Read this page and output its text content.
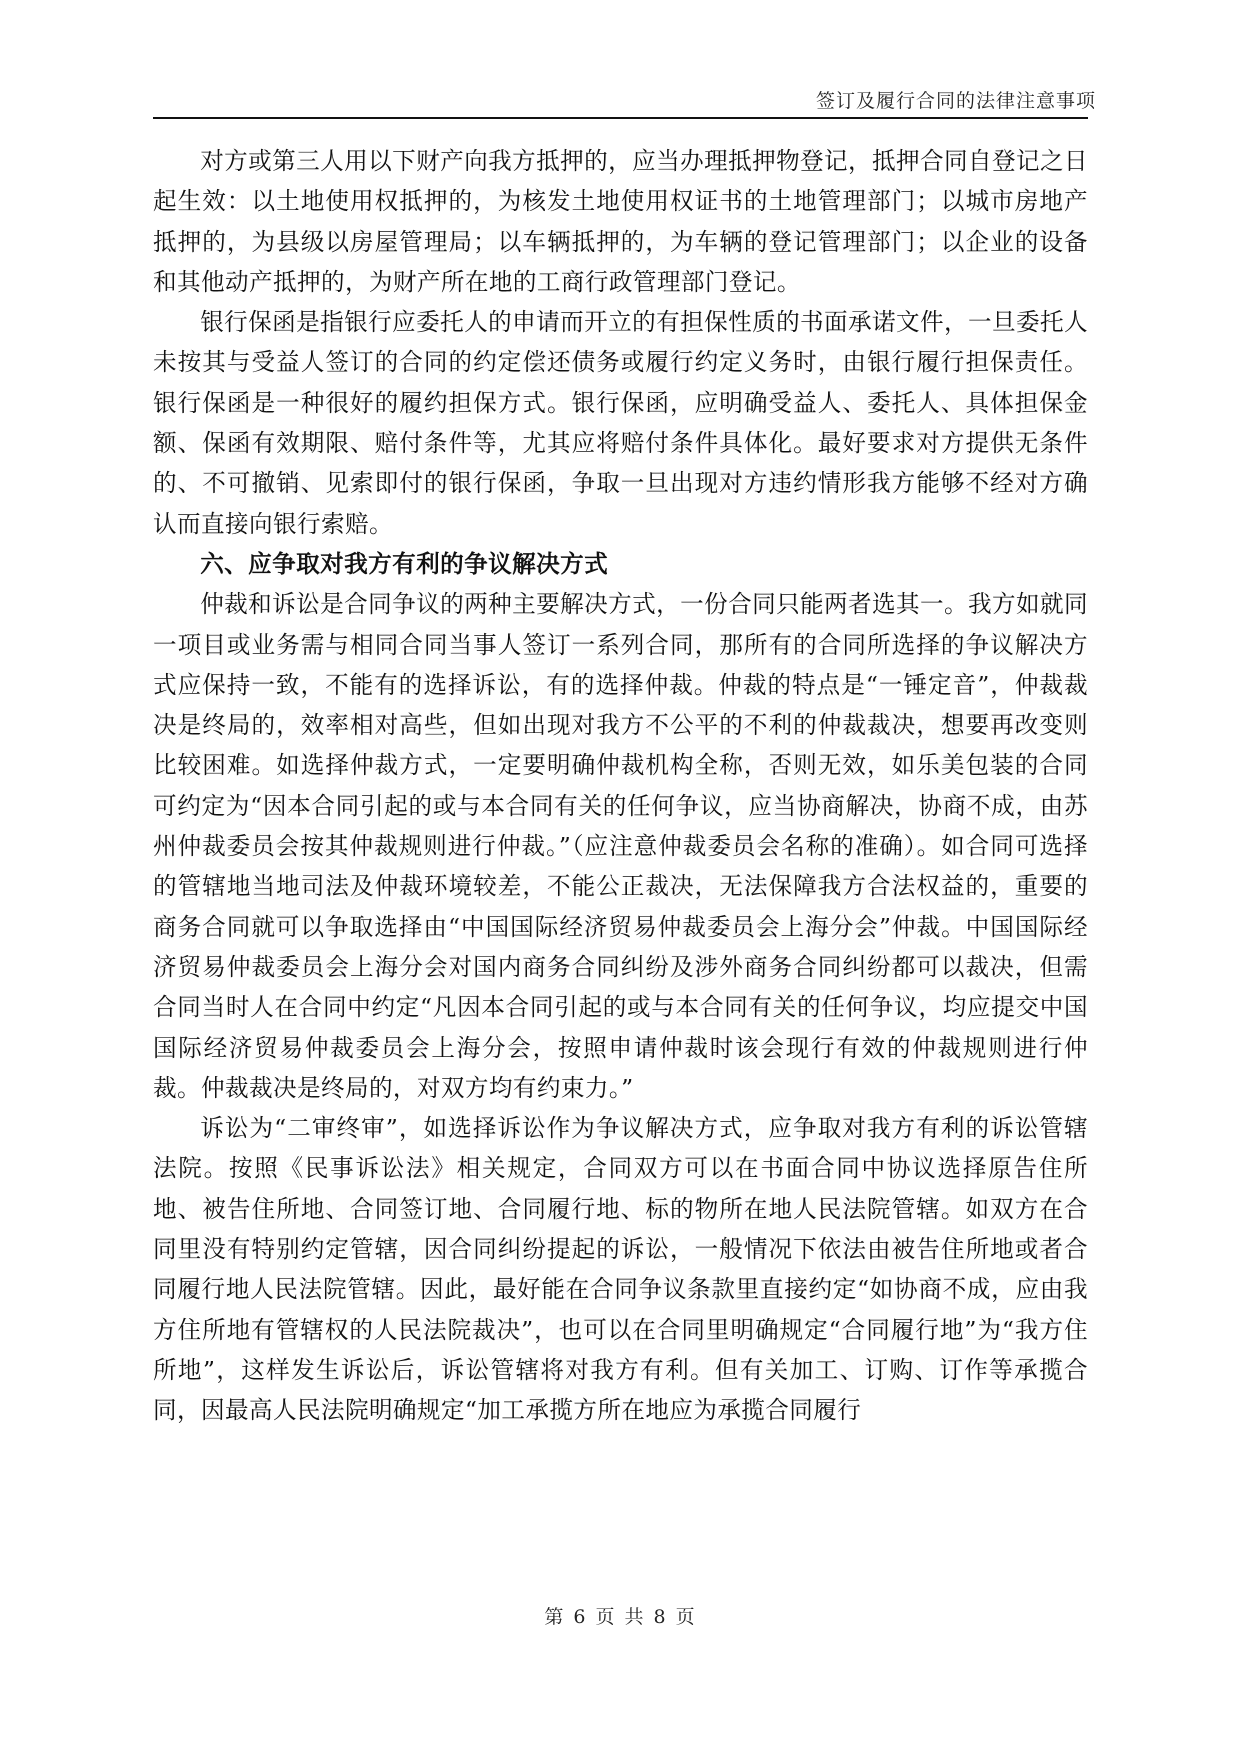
签订及履行合同的法律注意事项

对方或第三人用以下财产向我方抵押的，应当办理抵押物登记，抵押合同自登记之日起生效：以土地使用权抵押的，为核发土地使用权证书的土地管理部门；以城市房地产抵押的，为县级以房屋管理局；以车辆抵押的，为车辆的登记管理部门；以企业的设备和其他动产抵押的，为财产所在地的工商行政管理部门登记。

银行保函是指银行应委托人的申请而开立的有担保性质的书面承诺文件，一旦委托人未按其与受益人签订的合同的约定偿还债务或履行约定义务时，由银行履行担保责任。银行保函是一种很好的履约担保方式。银行保函，应明确受益人、委托人、具体担保金额、保函有效期限、赔付条件等，尤其应将赔付条件具体化。最好要求对方提供无条件的、不可撤销、见索即付的银行保函，争取一旦出现对方违约情形我方能够不经对方确认而直接向银行索赔。

六、应争取对我方有利的争议解决方式

仲裁和诉讼是合同争议的两种主要解决方式，一份合同只能两者选其一。我方如就同一项目或业务需与相同合同当事人签订一系列合同，那所有的合同所选择的争议解决方式应保持一致，不能有的选择诉讼，有的选择仲裁。仲裁的特点是“一锤定音”，仲裁裁决是终局的，效率相对高些，但如出现对我方不公平的不利的仲裁裁决，想要再改变则比较困难。如选择仲裁方式，一定要明确仲裁机构全称，否则无效，如乐美包装的合同可约定为“因本合同引起的或与本合同有关的任何争议，应当协商解决，协商不成，由苏州仲裁委员会按其仲裁规则进行仲裁。”（应注意仲裁委员会名称的准确）。如合同可选择的管辖地当地司法及仲裁环境较差，不能公正裁决，无法保障我方合法权益的，重要的商务合同就可以争取选择由“中国国际经济贸易仲裁委员会上海分会”仲裁。中国国际经济贸易仲裁委员会上海分会对国内商务合同纠纷及涉外商务合同纠纷都可以裁决，但需合同当时人在合同中约定“凡因本合同引起的或与本合同有关的任何争议，均应提交中国国际经济贸易仲裁委员会上海分会，按照申请仲裁时该会现行有效的仲裁规则进行仲裁。仲裁裁决是终局的，对双方均有约束力。”

诉讼为“二审终审”，如选择诉讼作为争议解决方式，应争取对我方有利的诉讼管辖法院。按照《民事诉讼法》相关规定，合同双方可以在书面合同中协议选择原告住所地、被告住所地、合同签订地、合同履行地、标的物所在地人民法院管辖。如双方在合同里没有特别约定管辖，因合同纠纷提起的诉讼，一般情况下依法由被告住所地或者合同履行地人民法院管辖。因此，最好能在合同争议条款里直接约定“如协商不成，应由我方住所地有管辖权的人民法院裁决”，也可以在合同里明确规定“合同履行地”为“我方住所地”，这样发生诉讼后，诉讼管辖将对我方有利。但有关加工、订购、订作等承揽合同，因最高人民法院明确规定“加工承揽方所在地应为承揽合同履行

第 6 页 共 8 页
